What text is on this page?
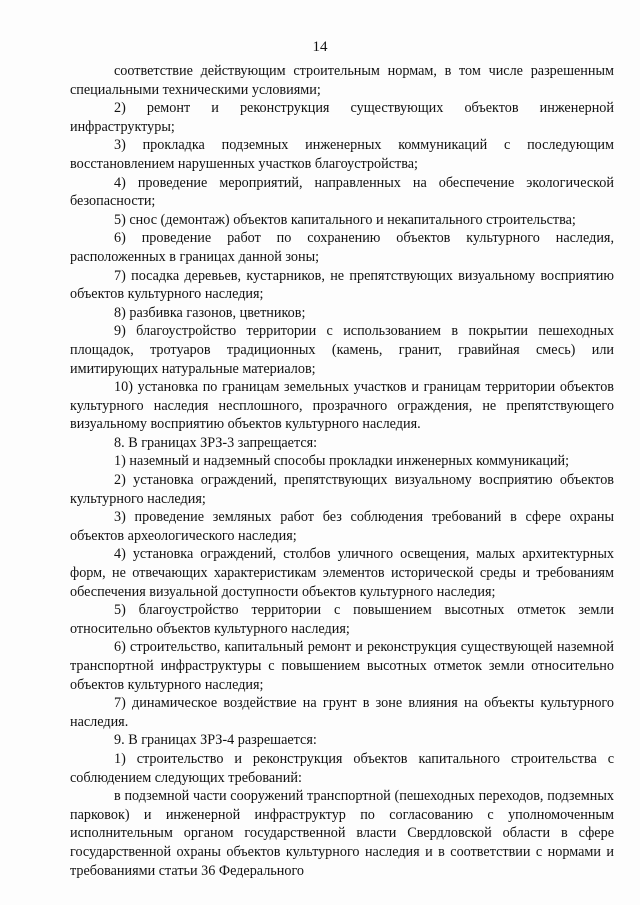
14

соответствие действующим строительным нормам, в том числе разрешенным специальными техническими условиями;

2) ремонт и реконструкция существующих объектов инженерной инфраструктуры;

3) прокладка подземных инженерных коммуникаций с последующим восстановлением нарушенных участков благоустройства;

4) проведение мероприятий, направленных на обеспечение экологической безопасности;

5) снос (демонтаж) объектов капитального и некапитального строительства;

6) проведение работ по сохранению объектов культурного наследия, расположенных в границах данной зоны;

7) посадка деревьев, кустарников, не препятствующих визуальному восприятию объектов культурного наследия;

8) разбивка газонов, цветников;

9) благоустройство территории с использованием в покрытии пешеходных площадок, тротуаров традиционных (камень, гранит, гравийная смесь) или имитирующих натуральные материалов;

10) установка по границам земельных участков и границам территории объектов культурного наследия несплошного, прозрачного ограждения, не препятствующего визуальному восприятию объектов культурного наследия.

8. В границах ЗРЗ-3 запрещается:

1) наземный и надземный способы прокладки инженерных коммуникаций;

2) установка ограждений, препятствующих визуальному восприятию объектов культурного наследия;

3) проведение земляных работ без соблюдения требований в сфере охраны объектов археологического наследия;

4) установка ограждений, столбов уличного освещения, малых архитектурных форм, не отвечающих характеристикам элементов исторической среды и требованиям обеспечения визуальной доступности объектов культурного наследия;

5) благоустройство территории с повышением высотных отметок земли относительно объектов культурного наследия;

6) строительство, капитальный ремонт и реконструкция существующей наземной транспортной инфраструктуры с повышением высотных отметок земли относительно объектов культурного наследия;

7) динамическое воздействие на грунт в зоне влияния на объекты культурного наследия.

9. В границах ЗРЗ-4 разрешается:

1) строительство и реконструкция объектов капитального строительства с соблюдением следующих требований:

в подземной части сооружений транспортной (пешеходных переходов, подземных парковок) и инженерной инфраструктур по согласованию с уполномоченным исполнительным органом государственной власти Свердловской области в сфере государственной охраны объектов культурного наследия и в соответствии с нормами и требованиями статьи 36 Федерального
